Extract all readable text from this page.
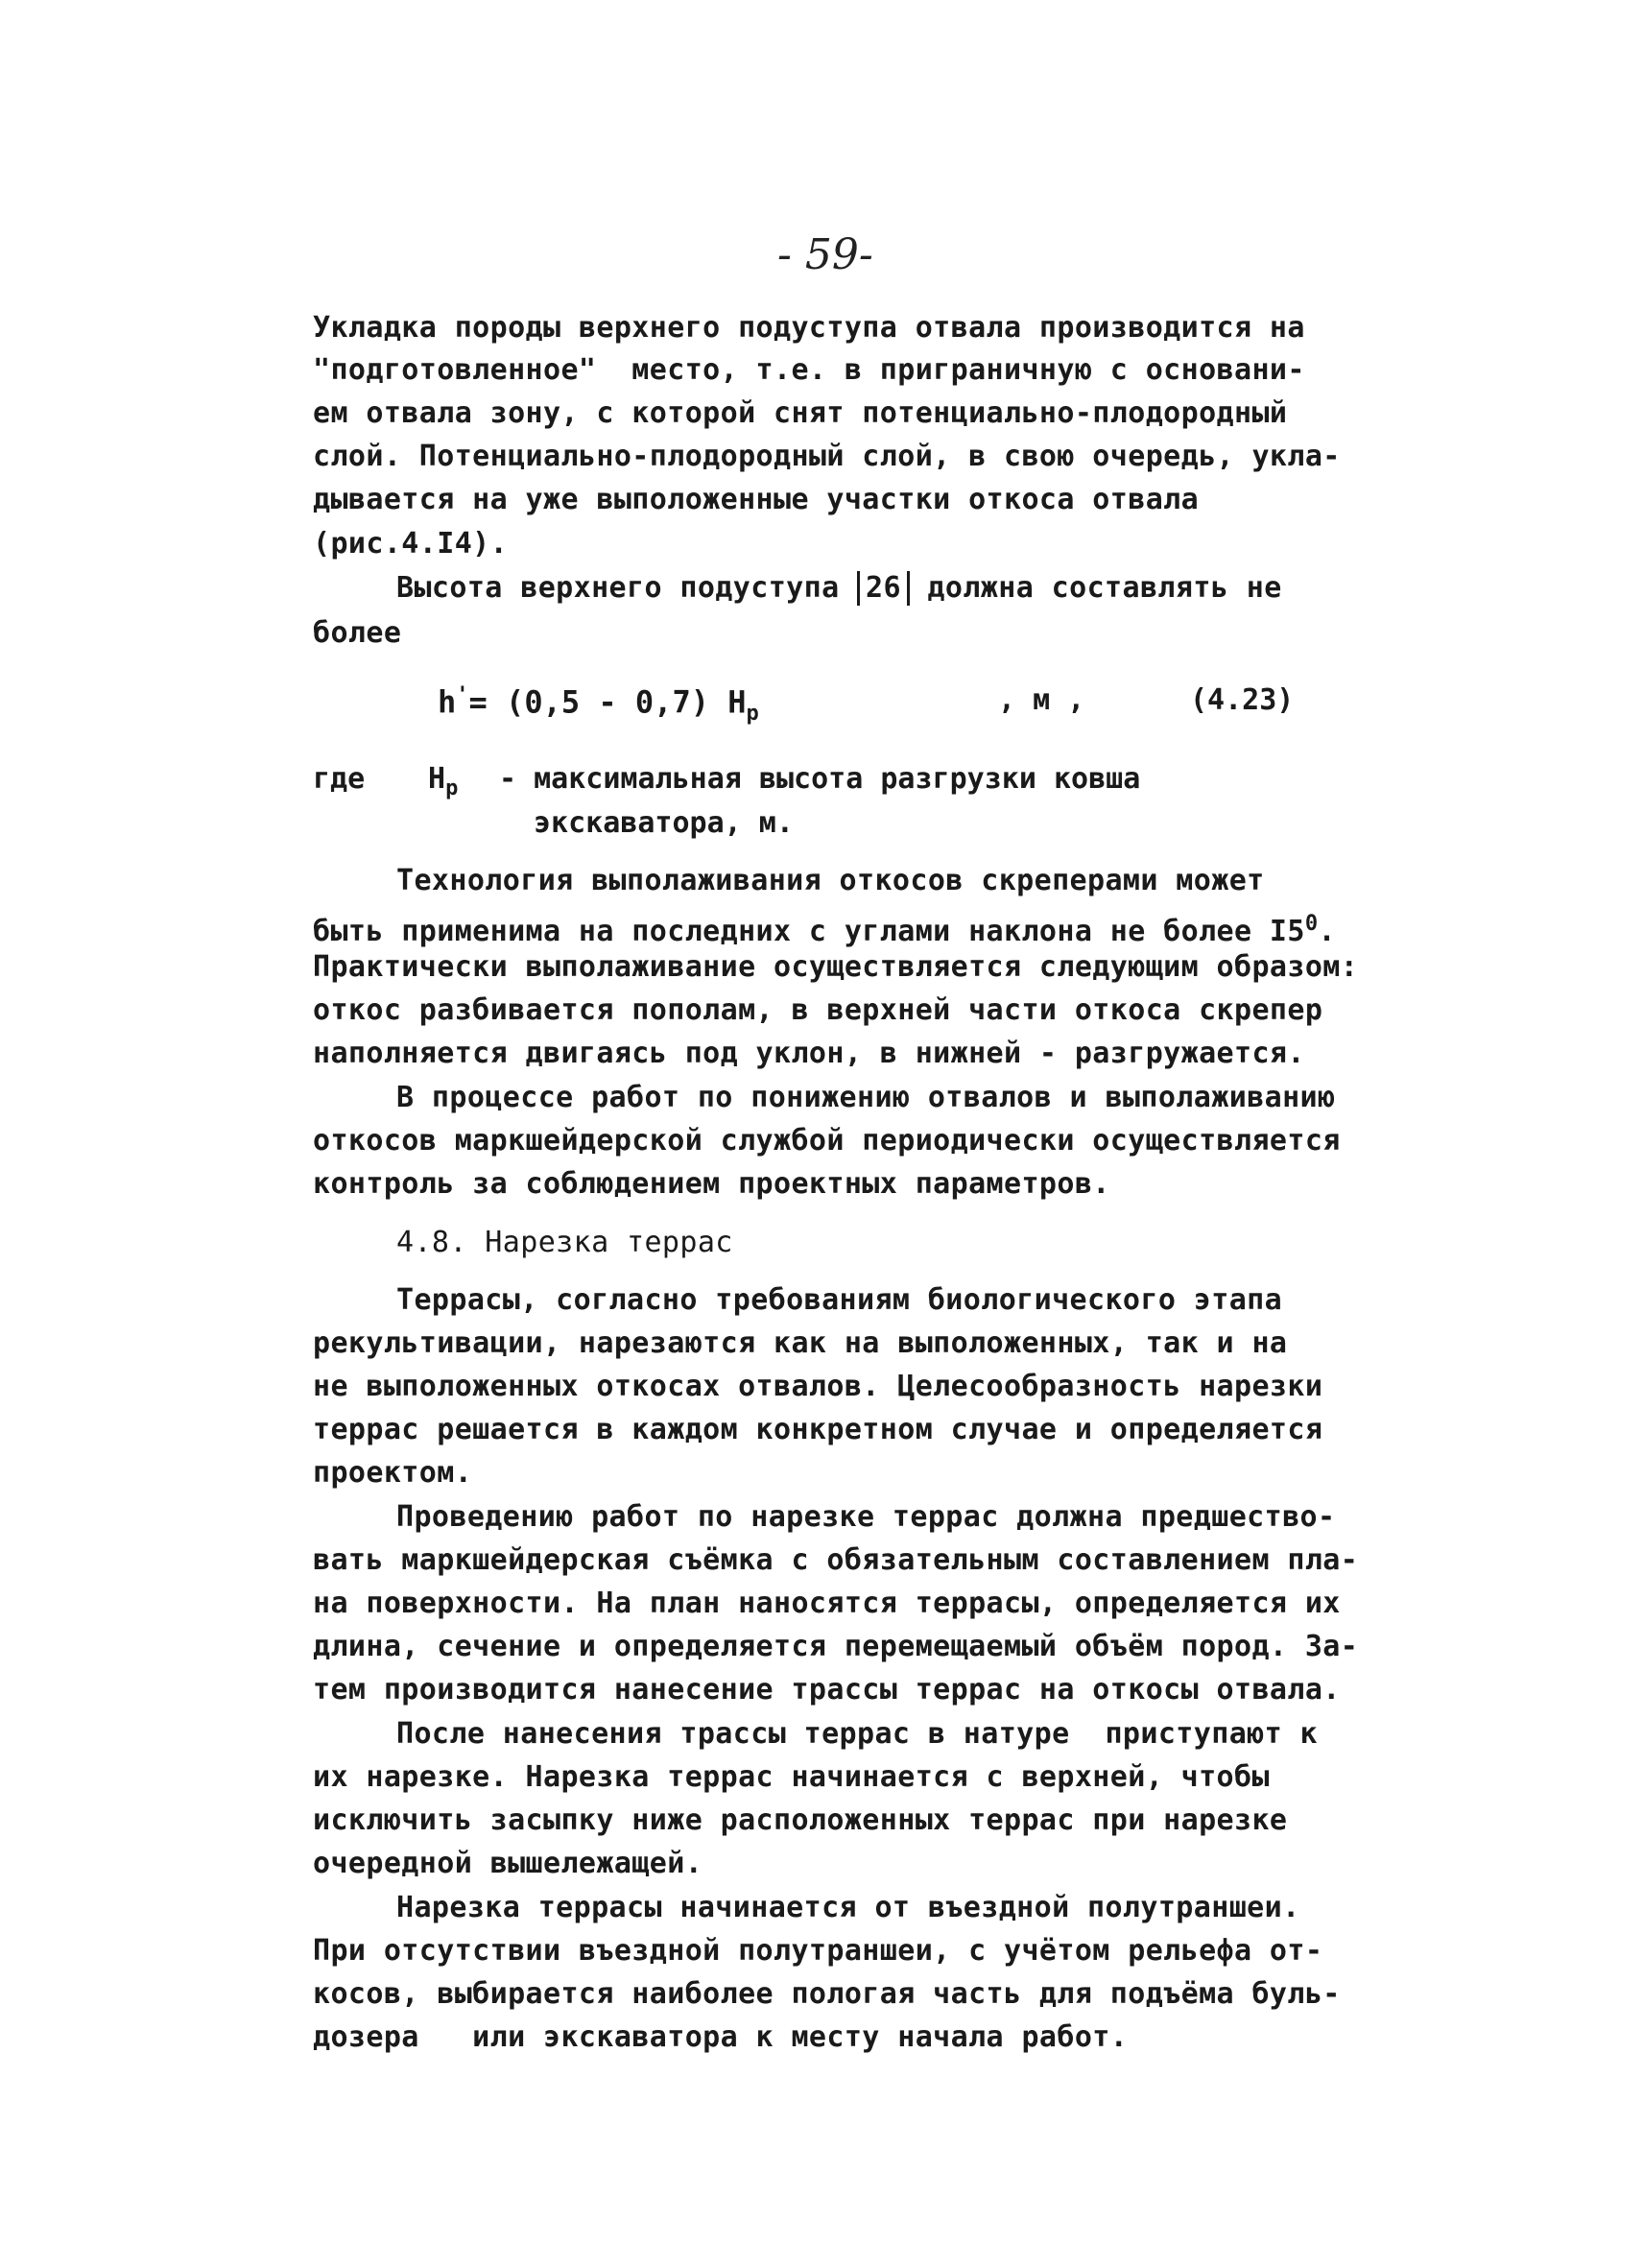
- 59-
Укладка породы верхнего подуступа отвала производится на
"подготовленное"  место, т.е. в приграничную с основани-
ем отвала зону, с которой снят потенциально-плодородный
слой. Потенциально-плодородный слой, в свою очередь, укла-
дывается на уже выположенные участки откоса отвала
(рис.4.I4).
Высота верхнего подуступа 26 должна составлять не
более
h'= (0,5 - 0,7) $H_p$	, м ,	(4.23)
где $H_p$ - максимальная высота разгрузки ковша
экскаватора, м.
Технология выполаживания откосов скреперами может
быть применима на последних с углами наклона не более $I5^0$.
Практически выполаживание осуществляется следующим образом:
откос разбивается пополам, в верхней части откоса скрепер
наполняется двигаясь под уклон, в нижней - разгружается.
В процессе работ по понижению отвалов и выполаживанию
откосов маркшейдерской службой периодически осуществляется
контроль за соблюдением проектных параметров.
4.8. Нарезка террас
Террасы, согласно требованиям биологического этапа
рекультивации, нарезаются как на выположенных, так и на
не выположенных откосах отвалов. Целесообразность нарезки
террас решается в каждом конкретном случае и определяется
проектом.
Проведению работ по нарезке террас должна предшество-
вать маркшейдерская съёмка с обязательным составлением пла-
на поверхности. На план наносятся террасы, определяется их
длина, сечение и определяется перемещаемый объём пород. За-
тем производится нанесение трассы террас на откосы отвала.
После нанесения трассы террас в натуре  приступают к
их нарезке. Нарезка террас начинается с верхней, чтобы
исключить засыпку ниже расположенных террас при нарезке
очередной вышележащей.
Нарезка террасы начинается от въездной полутраншеи.
При отсутствии въездной полутраншеи, с учётом рельефа от-
косов, выбирается наиболее пологая часть для подъёма буль-
дозера   или экскаватора к месту начала работ.
